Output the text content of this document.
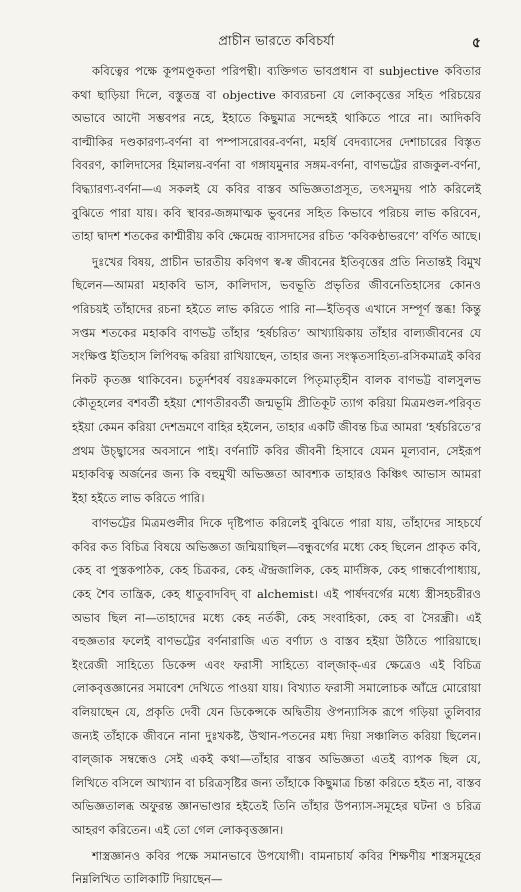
প্রাচীন ভারতে কবিচর্যা	৫

কবিত্বের পক্ষে কূপমণ্ডূকতা পরিপন্থী। ব্যক্তিগত ভাবপ্রধান বা subjective কবিতার কথা ছাড়িয়া দিলে, বস্তুতন্ত্র বা objective কাব্যরচনা যে লোকবৃত্তের সহিত পরিচয়ের অভাবে আদৌ সম্ভবপর নহে, ইহাতে কিছুমাত্র সন্দেহই থাকিতে পারে না। আদিকবি বাল্মীকির দণ্ডকারণ্য-বর্ণনা বা পম্পাসরোবর-বর্ণনা, মহর্ষি বেদব্যাসের দেশাচারের বিস্তৃত বিবরণ, কালিদাসের হিমালয়-বর্ণনা বা গঙ্গাযমুনার সঙ্গম-বর্ণনা, বাণভট্টের রাজকুল-বর্ণনা, বিদ্ধ্যারণ্য-বর্ণনা—এ সকলই যে কবির বাস্তব অভিজ্ঞতাপ্রসূত, তৎসমুদয় পাঠ করিলেই বুঝিতে পারা যায়। কবি স্থাবর-জঙ্গমাত্মক ভুবনের সহিত কিভাবে পরিচয় লাভ করিবেন, তাহা দ্বাদশ শতকের কাশ্মীরীয় কবি ক্ষেমেন্দ্র ব্যাসদাসের রচিত ‘কবিকণ্ঠাভরণে’ বর্ণিত আছে।

দুঃখের বিষয়, প্রাচীন ভারতীয় কবিগণ স্ব-স্ব জীবনের ইতিবৃত্তের প্রতি নিতান্তই বিমুখ ছিলেন—আমরা মহাকবি ভাস, কালিদাস, ভবভূতি প্রভৃতির জীবনেতিহাসের কোনও পরিচয়ই তাঁহাদের রচনা হইতে লাভ করিতে পারি না—ইতিবৃত্ত এখানে সম্পূর্ণ স্তব্ধ! কিন্তু সপ্তম শতকের মহাকবি বাণভট্ট তাঁহার ‘হর্ষচরিত’ আখ্যায়িকায় তাঁহার বাল্যজীবনের যে সংক্ষিপ্ত ইতিহাস লিপিবদ্ধ করিয়া রাখিয়াছেন, তাহার জন্য সংস্কৃতসাহিত্য-রসিকমাত্রই কবির নিকট কৃতজ্ঞ থাকিবেন। চতুর্দশবর্ষ বয়ঃক্রমকালে পিতৃমাতৃহীন বালক বাণভট্ট বালসুলভ কৌতূহলের বশবর্তী হইয়া শোণতীরবর্তী জন্মভূমি প্রীতিকূট ত্যাগ করিয়া মিত্রমণ্ডল-পরিবৃত হইয়া কেমন করিয়া দেশভ্রমণে বাহির হইলেন, তাহার একটি জীবন্ত চিত্র আমরা ‘হর্ষচরিতে’র প্রথম উচ্ছ্বাসের অবসানে পাই। বর্ণনাটি কবির জীবনী হিসাবে যেমন মূল্যবান, সেইরূপ মহাকবিত্ব অর্জনের জন্য কি বহুমুখী অভিজ্ঞতা আবশ্যক তাহারও কিঞ্চিৎ আভাস আমরা ইহা হইতে লাভ করিতে পারি।

বাণভট্টের মিত্রমণ্ডলীর দিকে দৃষ্টিপাত করিলেই বুঝিতে পারা যায়, তাঁহাদের সাহচর্যে কবির কত বিচিত্র বিষয়ে অভিজ্ঞতা জন্মিয়াছিল—বন্ধুবর্গের মধ্যে কেহ ছিলেন প্রাকৃত কবি, কেহ বা পুস্তকপাঠক, কেহ চিত্রকর, কেহ ঐন্দ্রজালিক, কেহ মার্দঙ্গিক, কেহ গান্ধর্বোপাধ্যায়, কেহ শৈব তান্ত্রিক, কেহ ধাতুবাদবিদ্ বা alchemist। এই পার্ষদবর্গের মধ্যে স্ত্রীসহচরীরও অভাব ছিল না—তাহাদের মধ্যে কেহ নর্তকী, কেহ সংবাহিকা, কেহ বা সৈরন্ধ্রী। এই বহুজ্ঞতার ফলেই বাণভট্টের বর্ণনারাজি এত বর্ণাঢ্য ও বাস্তব হইয়া উঠিতে পারিয়াছে। ইংরেজী সাহিত্যে ডিকেন্স এবং ফরাসী সাহিত্যে বাল্জাক্-এর ক্ষেত্রেও এই বিচিত্র লোকবৃত্তজ্ঞানের সমাবেশ দেখিতে পাওয়া যায়। বিখ্যাত ফরাসী সমালোচক আঁদ্রে মোরোয়া বলিয়াছেন যে, প্রকৃতি দেবী যেন ডিকেন্সকে অদ্বিতীয় ঔপন্যাসিক রূপে গড়িয়া তুলিবার জন্যই তাঁহাকে জীবনে নানা দুঃখকষ্ট, উত্থান-পতনের মধ্য দিয়া সঞ্চালিত করিয়া ছিলেন। বাল্জাক সম্বন্ধেও সেই একই কথা—তাঁহার বাস্তব অভিজ্ঞতা এতই ব্যাপক ছিল যে, লিখিতে বসিলে আখ্যান বা চরিত্রসৃষ্টির জন্য তাঁহাকে কিছুমাত্র চিন্তা করিতে হইত না, বাস্তব অভিজ্ঞতালব্ধ অফুরন্ত জ্ঞানভাণ্ডার হইতেই তিনি তাঁহার উপন্যাস-সমূহের ঘটনা ও চরিত্র আহরণ করিতেন। এই তো গেল লোকবৃত্তজ্ঞান।

শাস্ত্রজ্ঞানও কবির পক্ষে সমানভাবে উপযোগী। বামনাচার্য কবির শিক্ষণীয় শাস্ত্রসমূহের নিম্নলিখিত তালিকাটি দিয়াছেন—
